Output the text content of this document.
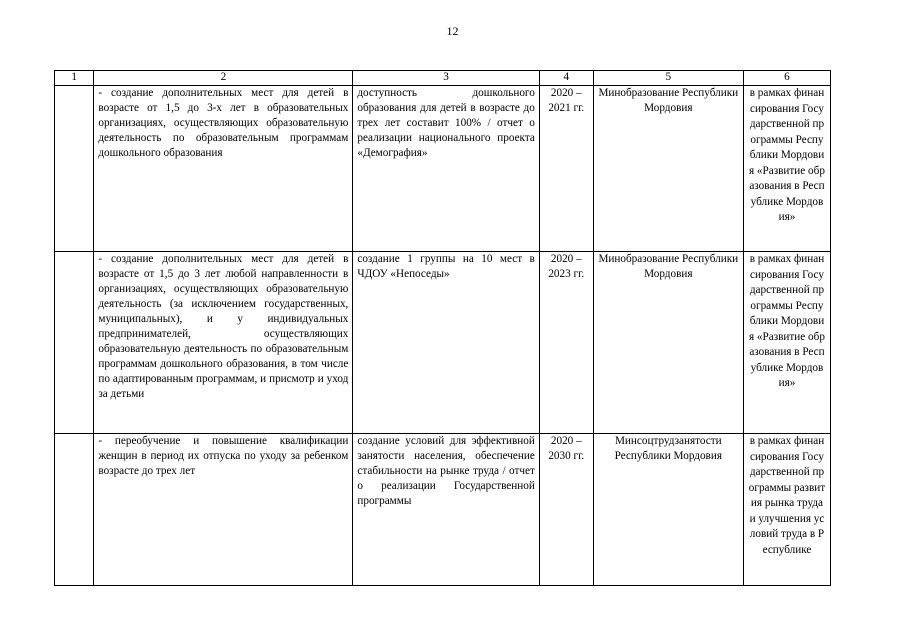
12
1	2	3	4	5	6
	- создание дополнительных мест для детей в возрасте от 1,5 до 3-х лет в образовательных организациях, осуществляющих образовательную деятельность по образовательным программам дошкольного образования	доступность дошкольного образования для детей в возрасте до трех лет составит 100% / отчет о реализации национального проекта «Демография»	2020 – 2021 гг.	Минобразование Республики Мордовия	в рамках финансирования Государственной программы Республики Мордовия «Развитие образования в Республике Мордовия»
	- создание дополнительных мест для детей в возрасте от 1,5 до 3 лет любой направленности в организациях, осуществляющих образовательную деятельность (за исключением государственных, муниципальных), и у индивидуальных предпринимателей, осуществляющих образовательную деятельность по образовательным программам дошкольного образования, в том числе по адаптированным программам, и присмотр и уход за детьми	создание 1 группы на 10 мест в ЧДОУ «Непоседы»	2020 – 2023 гг.	Минобразование Республики Мордовия	в рамках финансирования Государственной программы Республики Мордовия «Развитие образования в Республике Мордовия»
	- переобучение и повышение квалификации женщин в период их отпуска по уходу за ребенком возрасте до трех лет	создание условий для эффективной занятости населения, обеспечение стабильности на рынке труда / отчет о реализации Государственной программы	2020 – 2030 гг.	Минсоцтрудзанятости Республики Мордовия	в рамках финансирования Государственной программы развития рынка труда и улучшения условий труда в Республике
